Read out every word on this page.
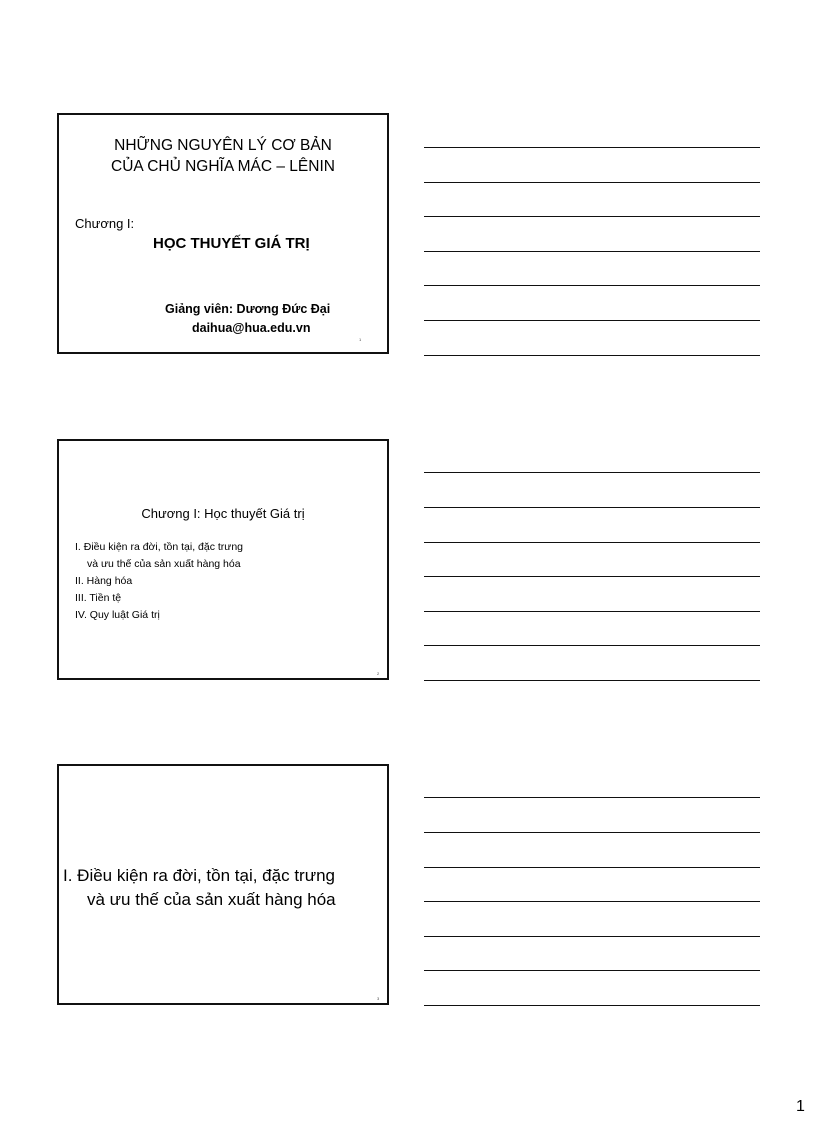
NHỮNG NGUYÊN LÝ CƠ BẢN
CỦA CHỦ NGHĨA MÁC – LÊNIN
Chương I:
HỌC THUYẾT GIÁ TRỊ
Giảng viên: Dương Đức Đại
daihua@hua.edu.vn
1
Chương I: Học thuyết Giá trị
I. Điều kiện ra đời, tồn tại, đặc trưng
và ưu thế của sản xuất hàng hóa
II. Hàng hóa
III. Tiền tệ
IV. Quy luật Giá trị
2
I. Điều kiện ra đời, tồn tại, đặc trưng
và ưu thế của sản xuất hàng hóa
3
1
